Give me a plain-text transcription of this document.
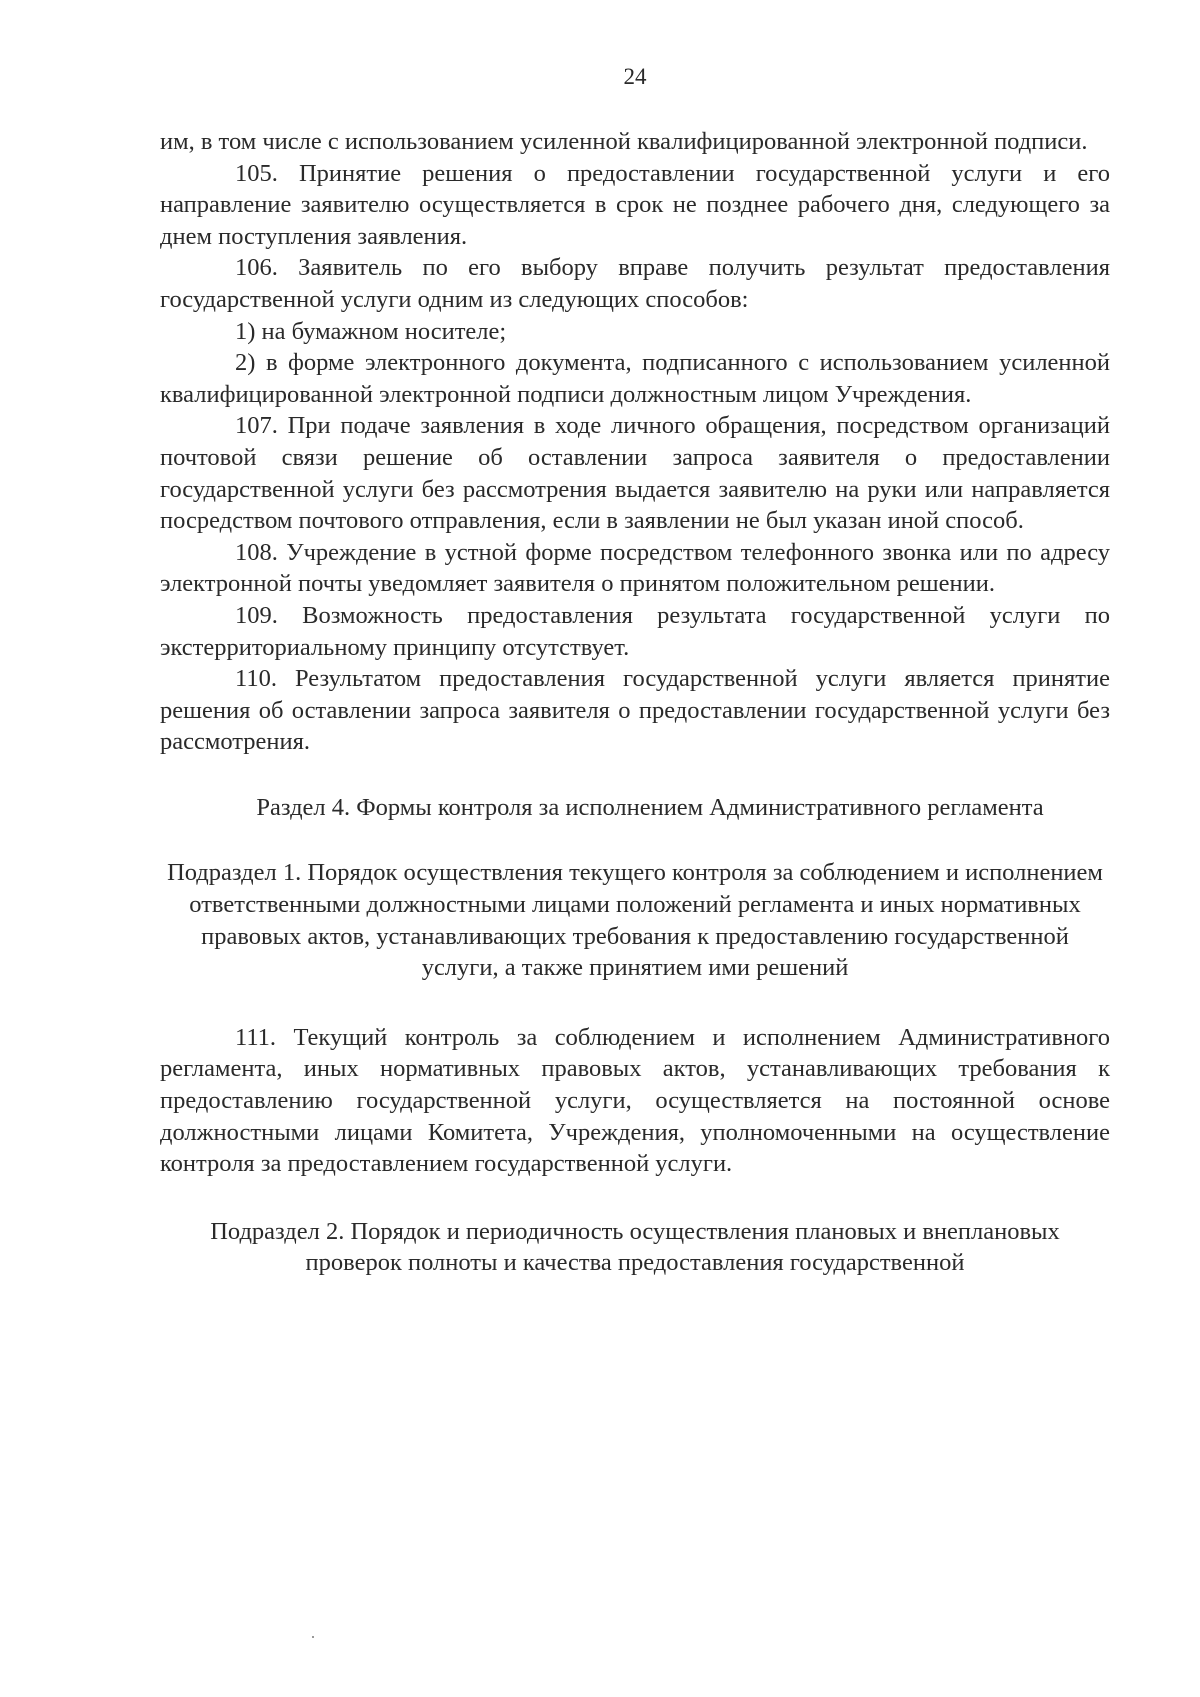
24

им, в том числе с использованием усиленной квалифицированной электронной подписи.

105. Принятие решения о предоставлении государственной услуги и его направление заявителю осуществляется в срок не позднее рабочего дня, следующего за днем поступления заявления.

106. Заявитель по его выбору вправе получить результат предоставления государственной услуги одним из следующих способов:

1) на бумажном носителе;

2) в форме электронного документа, подписанного с использованием усиленной квалифицированной электронной подписи должностным лицом Учреждения.

107. При подаче заявления в ходе личного обращения, посредством организаций почтовой связи решение об оставлении запроса заявителя о предоставлении государственной услуги без рассмотрения выдается заявителю на руки или направляется посредством почтового отправления, если в заявлении не был указан иной способ.

108. Учреждение в устной форме посредством телефонного звонка или по адресу электронной почты уведомляет заявителя о принятом положительном решении.

109. Возможность предоставления результата государственной услуги по экстерриториальному принципу отсутствует.

110. Результатом предоставления государственной услуги является принятие решения об оставлении запроса заявителя о предоставлении государственной услуги без рассмотрения.

Раздел 4. Формы контроля за исполнением Административного регламента
Подраздел 1. Порядок осуществления текущего контроля за соблюдением и исполнением ответственными должностными лицами положений регламента и иных нормативных правовых актов, устанавливающих требования к предоставлению государственной услуги, а также принятием ими решений

111. Текущий контроль за соблюдением и исполнением Административного регламента, иных нормативных правовых актов, устанавливающих требования к предоставлению государственной услуги, осуществляется на постоянной основе должностными лицами Комитета, Учреждения, уполномоченными на осуществление контроля за предоставлением государственной услуги.

Подраздел 2. Порядок и периодичность осуществления плановых и внеплановых проверок полноты и качества предоставления государственной
